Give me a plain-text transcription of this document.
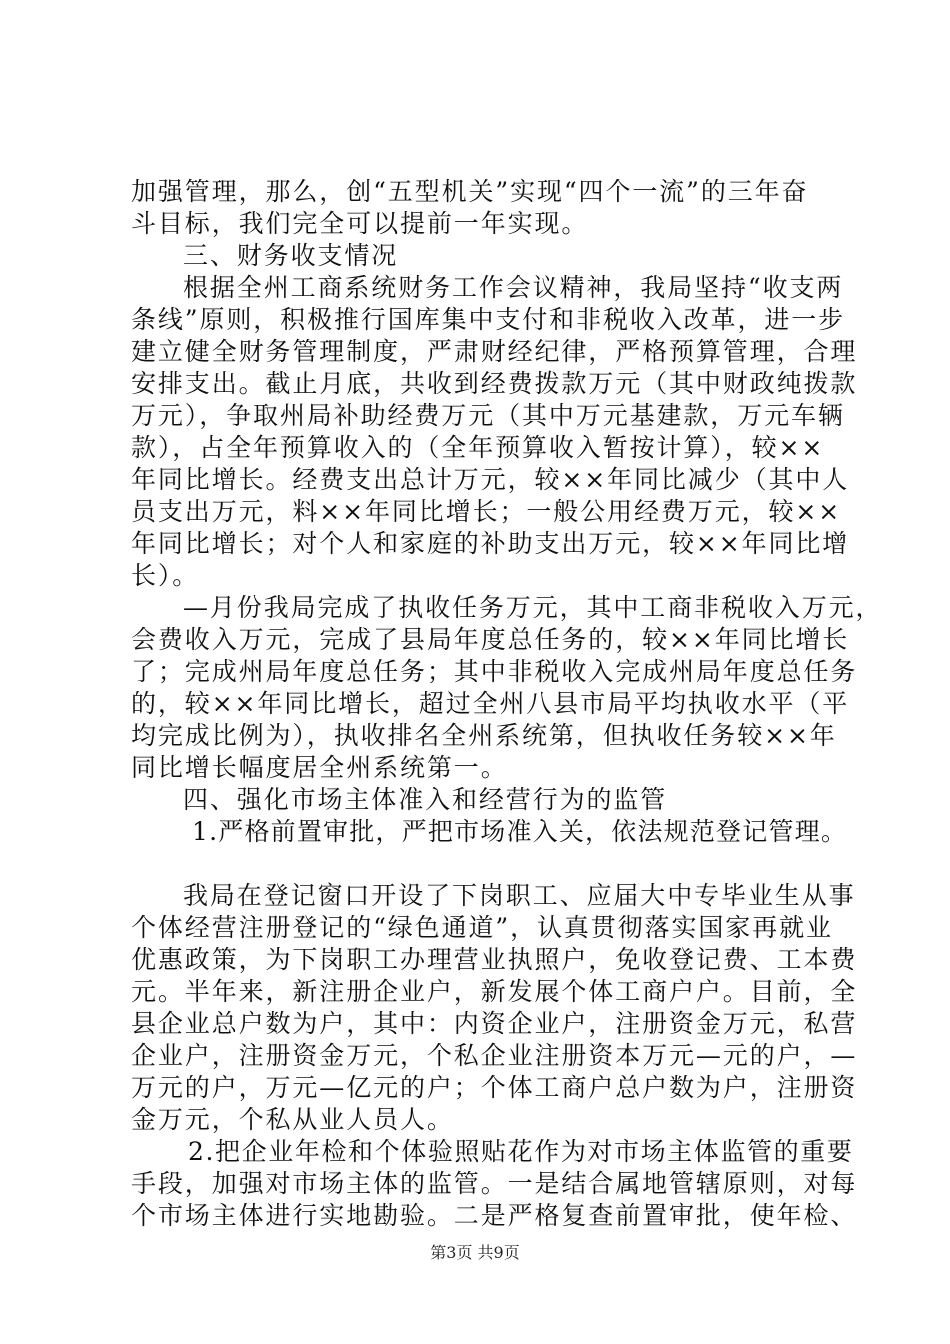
加强管理，那么，创“五型机关”实现“四个一流”的三年奋
斗目标，我们完全可以提前一年实现。
三、财务收支情况
根据全州工商系统财务工作会议精神，我局坚持“收支两
条线”原则，积极推行国库集中支付和非税收入改革，进一步
建立健全财务管理制度，严肃财经纪律，严格预算管理，合理
安排支出。截止月底，共收到经费拨款万元（其中财政纯拨款
万元），争取州局补助经费万元（其中万元基建款，万元车辆
款），占全年预算收入的（全年预算收入暂按计算），较××
年同比增长。经费支出总计万元，较××年同比减少（其中人
员支出万元，料××年同比增长；一般公用经费万元，较××
年同比增长；对个人和家庭的补助支出万元，较××年同比增
长）。
—月份我局完成了执收任务万元，其中工商非税收入万元，
会费收入万元，完成了县局年度总任务的，较××年同比增长
了；完成州局年度总任务；其中非税收入完成州局年度总任务
的，较××年同比增长，超过全州八县市局平均执收水平（平
均完成比例为），执收排名全州系统第，但执收任务较××年
同比增长幅度居全州系统第一。
四、强化市场主体准入和经营行为的监管
1.严格前置审批，严把市场准入关，依法规范登记管理。
我局在登记窗口开设了下岗职工、应届大中专毕业生从事
个体经营注册登记的“绿色通道”，认真贯彻落实国家再就业
优惠政策，为下岗职工办理营业执照户，免收登记费、工本费
元。半年来，新注册企业户，新发展个体工商户户。目前，全
县企业总户数为户，其中：内资企业户，注册资金万元，私营
企业户，注册资金万元，个私企业注册资本万元—元的户，—
万元的户，万元—亿元的户；个体工商户总户数为户，注册资
金万元，个私从业人员人。
2.把企业年检和个体验照贴花作为对市场主体监管的重要
手段，加强对市场主体的监管。一是结合属地管辖原则，对每
个市场主体进行实地勘验。二是严格复查前置审批，使年检、
第3页 共9页
